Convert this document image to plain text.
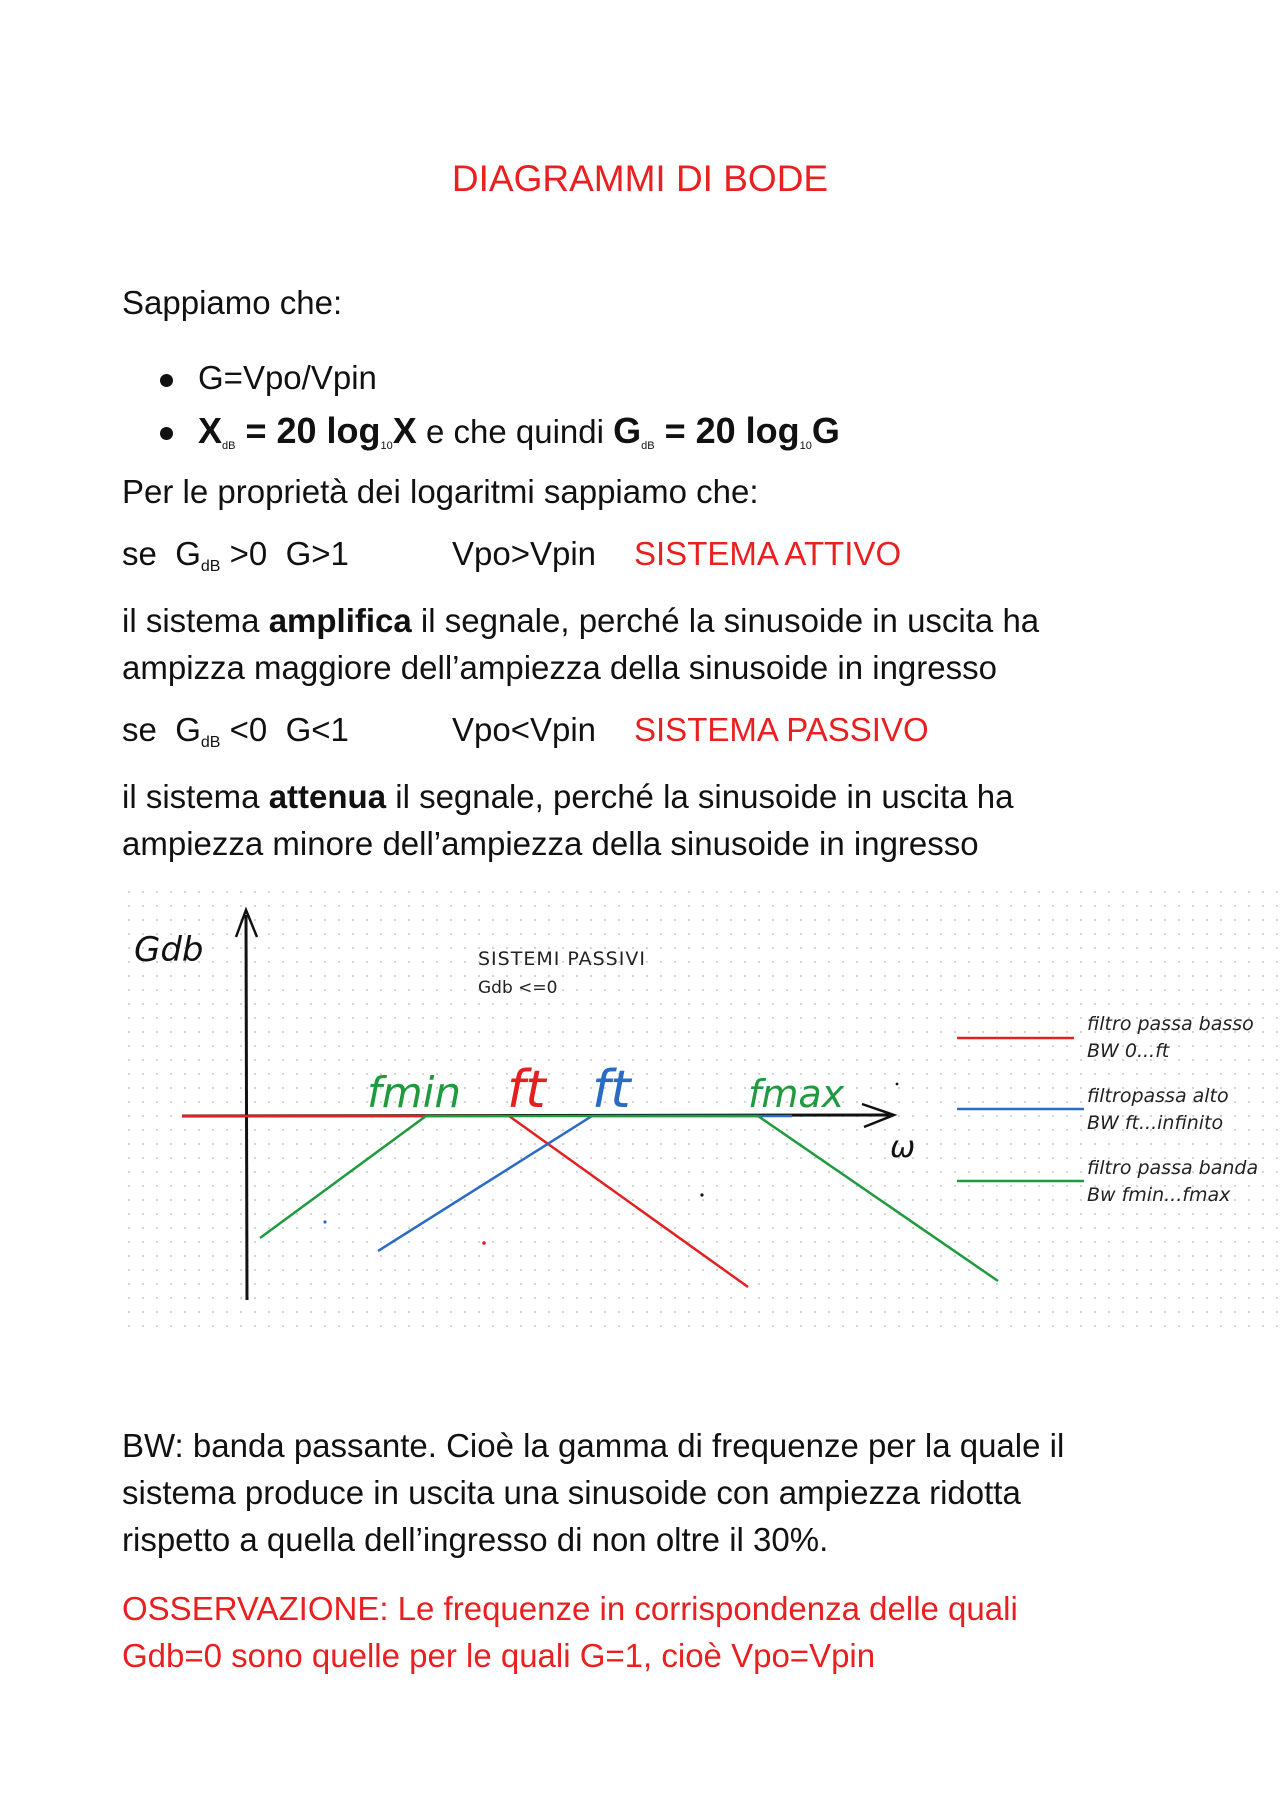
DIAGRAMMI DI BODE
Sappiamo che:
G=Vpo/Vpin
XdB = 20 log10X e che quindi GdB = 20 log10G
Per le proprietà dei logaritmi sappiamo che:
se  $G_{dB} >0$  G>1	Vpo>Vpin SISTEMA ATTIVO
il sistema amplifica il segnale, perché la sinusoide in uscita ha
ampizza maggiore dell’ampiezza della sinusoide in ingresso
se  $G_{dB} <0$  G<1	Vpo<Vpin SISTEMA PASSIVO
il sistema attenua il segnale, perché la sinusoide in uscita ha
ampiezza minore dell’ampiezza della sinusoide in ingresso
Gdb
ω
SISTEMI PASSIVI
Gdb <=0
fmin ft ft	fmax
filtro passa basso
BW 0...ft
filtropassa alto
BW ft...infinito
filtro passa banda
Bw fmin...fmax
BW: banda passante. Cioè la gamma di frequenze per la quale il
sistema produce in uscita una sinusoide con ampiezza ridotta
rispetto a quella dell’ingresso di non oltre il 30%.
OSSERVAZIONE: Le frequenze in corrispondenza delle quali
Gdb=0 sono quelle per le quali G=1, cioè Vpo=Vpin
